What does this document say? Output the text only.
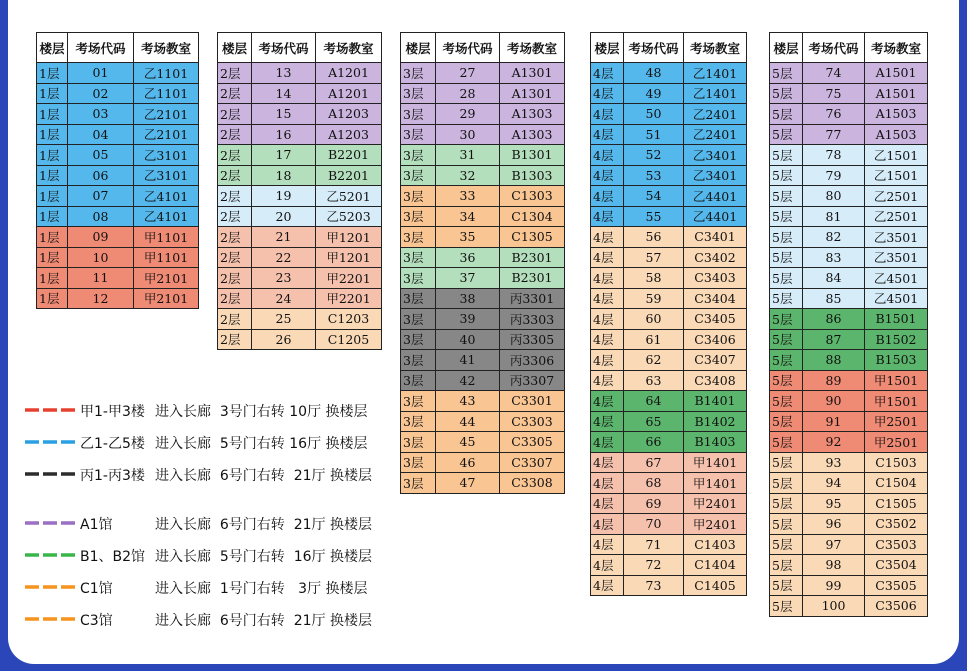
楼层	考场代码	考场教室
1层	01	乙1101
1层	02	乙1101
1层	03	乙2101
1层	04	乙2101
1层	05	乙3101
1层	06	乙3101
1层	07	乙4101
1层	08	乙4101
1层	09	甲1101
1层	10	甲1101
1层	11	甲2101
1层	12	甲2101
楼层	考场代码	考场教室
2层	13	A1201
2层	14	A1201
2层	15	A1203
2层	16	A1203
2层	17	B2201
2层	18	B2201
2层	19	乙5201
2层	20	乙5203
2层	21	甲1201
2层	22	甲1201
2层	23	甲2201
2层	24	甲2201
2层	25	C1203
2层	26	C1205
楼层	考场代码	考场教室
3层	27	A1301
3层	28	A1301
3层	29	A1303
3层	30	A1303
3层	31	B1301
3层	32	B1303
3层	33	C1303
3层	34	C1304
3层	35	C1305
3层	36	B2301
3层	37	B2301
3层	38	丙3301
3层	39	丙3303
3层	40	丙3305
3层	41	丙3306
3层	42	丙3307
3层	43	C3301
3层	44	C3303
3层	45	C3305
3层	46	C3307
3层	47	C3308
楼层	考场代码	考场教室
4层	48	乙1401
4层	49	乙1401
4层	50	乙2401
4层	51	乙2401
4层	52	乙3401
4层	53	乙3401
4层	54	乙4401
4层	55	乙4401
4层	56	C3401
4层	57	C3402
4层	58	C3403
4层	59	C3404
4层	60	C3405
4层	61	C3406
4层	62	C3407
4层	63	C3408
4层	64	B1401
4层	65	B1402
4层	66	B1403
4层	67	甲1401
4层	68	甲1401
4层	69	甲2401
4层	70	甲2401
4层	71	C1403
4层	72	C1404
4层	73	C1405
楼层	考场代码	考场教室
5层	74	A1501
5层	75	A1501
5层	76	A1503
5层	77	A1503
5层	78	乙1501
5层	79	乙1501
5层	80	乙2501
5层	81	乙2501
5层	82	乙3501
5层	83	乙3501
5层	84	乙4501
5层	85	乙4501
5层	86	B1501
5层	87	B1502
5层	88	B1503
5层	89	甲1501
5层	90	甲1501
5层	91	甲2501
5层	92	甲2501
5层	93	C1503
5层	94	C1504
5层	95	C1505
5层	96	C3502
5层	97	C3503
5层	98	C3504
5层	99	C3505
5层	100	C3506
甲1-甲3楼 进入长廊  3号门右转 10厅 换楼层
乙1-乙5楼 进入长廊  5号门右转 16厅 换楼层
丙1-丙3楼 进入长廊  6号门右转  21厅 换楼层
A1馆	进入长廊  6号门右转  21厅 换楼层
B1、B2馆 进入长廊  5号门右转  16厅 换楼层
C1馆	进入长廊  1号门右转   3厅 换楼层
C3馆	进入长廊  6号门右转  21厅 换楼层
